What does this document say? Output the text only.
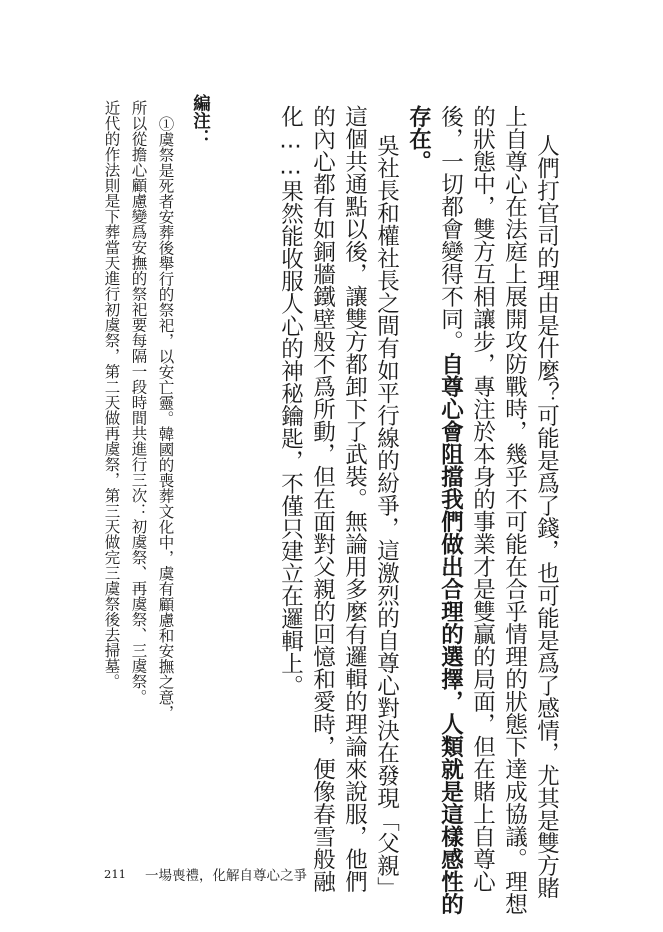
人們打官司的理由是什麼？可能是爲了錢，也可能是爲了感情，尤其是雙方賭
上自尊心在法庭上展開攻防戰時，幾乎不可能在合乎情理的狀態下達成協議。理想
的狀態中，雙方互相讓步，專注於本身的事業才是雙贏的局面，但在賭上自尊心
後，一切都會變得不同。自尊心會阻擋我們做出合理的選擇，人類就是這樣感性的
存在。
吳社長和權社長之間有如平行線的紛爭，這激烈的自尊心對決在發現「父親」
這個共通點以後，讓雙方都卸下了武裝。無論用多麼有邏輯的理論來說服，他們
的內心都有如銅牆鐵壁般不爲所動，但在面對父親的回憶和愛時，便像春雪般融
化……果然能收服人心的神秘鑰匙，不僅只建立在邏輯上。
編注：
①虞祭是死者安葬後舉行的祭祀，以安亡靈。韓國的喪葬文化中，虞有顧慮和安撫之意，
所以從擔心顧慮變爲安撫的祭祀要每隔一段時間共進行三次：初虞祭、再虞祭、三虞祭。
近代的作法則是下葬當天進行初虞祭，第二天做再虞祭，第三天做完三虞祭後去掃墓。
211 一場喪禮，化解自尊心之爭
